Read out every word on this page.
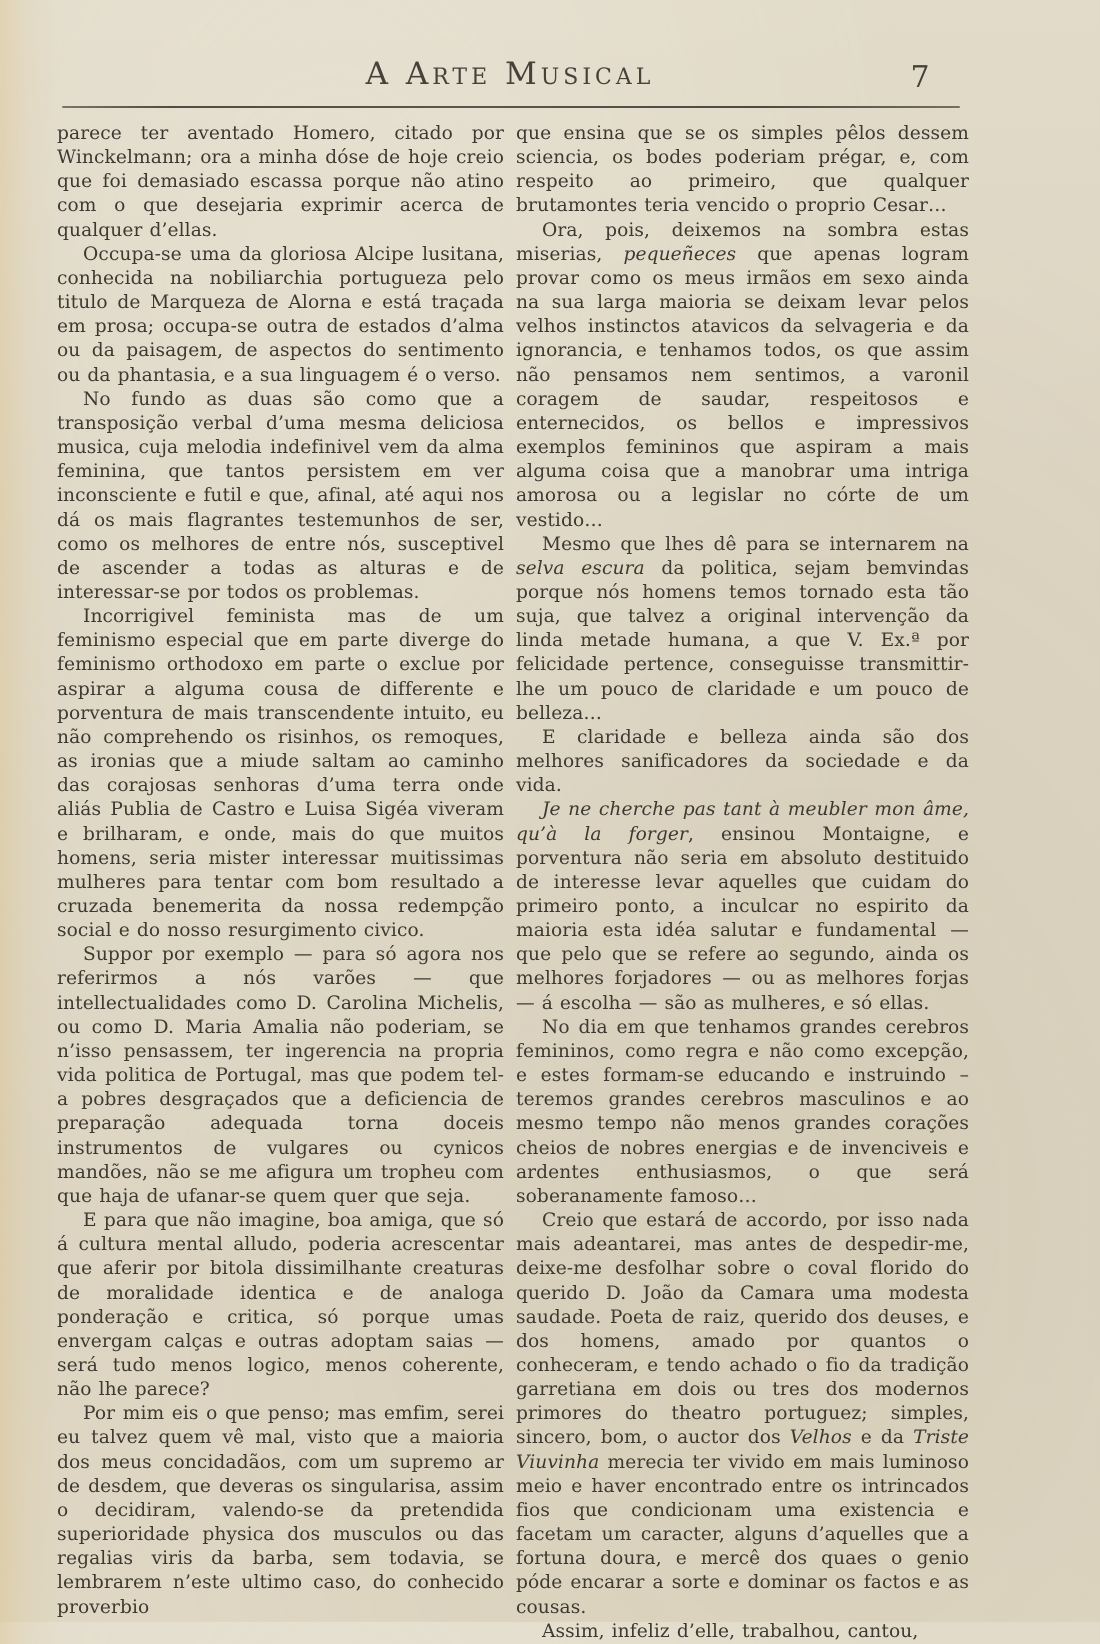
A Arte Musical	7

parece ter aventado Homero, citado por Winckelmann; ora a minha dóse de hoje creio que foi demasiado escassa porque não atino com o que desejaria exprimir acerca de qualquer d’ellas.

Occupa-se uma da gloriosa Alcipe lusitana, conhecida na nobiliarchia portugueza pelo titulo de Marqueza de Alorna e está traçada em prosa; occupa-se outra de estados d’alma ou da paisagem, de aspectos do sentimento ou da phantasia, e a sua linguagem é o verso.

No fundo as duas são como que a transposição verbal d’uma mesma deliciosa musica, cuja melodia indefinivel vem da alma feminina, que tantos persistem em ver inconsciente e futil e que, afinal, até aqui nos dá os mais flagrantes testemunhos de ser, como os melhores de entre nós, susceptivel de ascender a todas as alturas e de interessar-se por todos os problemas.

Incorrigivel feminista mas de um feminismo especial que em parte diverge do feminismo orthodoxo em parte o exclue por aspirar a alguma cousa de differente e porventura de mais transcendente intuito, eu não comprehendo os risinhos, os remoques, as ironias que a miude saltam ao caminho das corajosas senhoras d’uma terra onde aliás Publia de Castro e Luisa Sigéa viveram e brilharam, e onde, mais do que muitos homens, seria mister interessar muitissimas mulheres para tentar com bom resultado a cruzada benemerita da nossa redempção social e do nosso resurgimento civico.

Suppor por exemplo — para só agora nos referirmos a nós varões — que intellectualidades como D. Carolina Michelis, ou como D. Maria Amalia não poderiam, se n’isso pensassem, ter ingerencia na propria vida politica de Portugal, mas que podem tel-a pobres desgraçados que a deficiencia de preparação adequada torna doceis instrumentos de vulgares ou cynicos mandões, não se me afigura um tropheu com que haja de ufanar-se quem quer que seja.

E para que não imagine, boa amiga, que só á cultura mental alludo, poderia acrescentar que aferir por bitola dissimilhante creaturas de moralidade identica e de analoga ponderação e critica, só porque umas envergam calças e outras adoptam saias — será tudo menos logico, menos coherente, não lhe parece?

Por mim eis o que penso; mas emfim, serei eu talvez quem vê mal, visto que a maioria dos meus concidadãos, com um supremo ar de desdem, que deveras os singularisa, assim o decidiram, valendo-se da pretendida superioridade physica dos musculos ou das regalias viris da barba, sem todavia, se lembrarem n’este ultimo caso, do conhecido proverbio

que ensina que se os simples pêlos dessem sciencia, os bodes poderiam prégar, e, com respeito ao primeiro, que qualquer brutamontes teria vencido o proprio Cesar…

Ora, pois, deixemos na sombra estas miserias, pequeñeces que apenas logram provar como os meus irmãos em sexo ainda na sua larga maioria se deixam levar pelos velhos instinctos atavicos da selvageria e da ignorancia, e tenhamos todos, os que assim não pensamos nem sentimos, a varonil coragem de saudar, respeitosos e enternecidos, os bellos e impressivos exemplos femininos que aspiram a mais alguma coisa que a manobrar uma intriga amorosa ou a legislar no córte de um vestido…

Mesmo que lhes dê para se internarem na selva escura da politica, sejam bemvindas porque nós homens temos tornado esta tão suja, que talvez a original intervenção da linda metade humana, a que V. Ex.ª por felicidade pertence, conseguisse transmittir-lhe um pouco de claridade e um pouco de belleza…

E claridade e belleza ainda são dos melhores sanificadores da sociedade e da vida.

Je ne cherche pas tant à meubler mon âme, qu’à la forger, ensinou Montaigne, e porventura não seria em absoluto destituido de interesse levar aquelles que cuidam do primeiro ponto, a inculcar no espirito da maioria esta idéa salutar e fundamental — que pelo que se refere ao segundo, ainda os melhores forjadores — ou as melhores forjas — á escolha — são as mulheres, e só ellas.

No dia em que tenhamos grandes cerebros femininos, como regra e não como excepção, e estes formam-se educando e instruindo – teremos grandes cerebros masculinos e ao mesmo tempo não menos grandes corações cheios de nobres energias e de invenciveis e ardentes enthusiasmos, o que será soberanamente famoso…

Creio que estará de accordo, por isso nada mais adeantarei, mas antes de despedir-me, deixe-me desfolhar sobre o coval florido do querido D. João da Camara uma modesta saudade. Poeta de raiz, querido dos deuses, e dos homens, amado por quantos o conheceram, e tendo achado o fio da tradição garretiana em dois ou tres dos modernos primores do theatro portuguez; simples, sincero, bom, o auctor dos Velhos e da Triste Viuvinha merecia ter vivido em mais luminoso meio e haver encontrado entre os intrincados fios que condicionam uma existencia e facetam um caracter, alguns d’aquelles que a fortuna doura, e mercê dos quaes o genio póde encarar a sorte e dominar os factos e as cousas.

Assim, infeliz d’elle, trabalhou, cantou,
